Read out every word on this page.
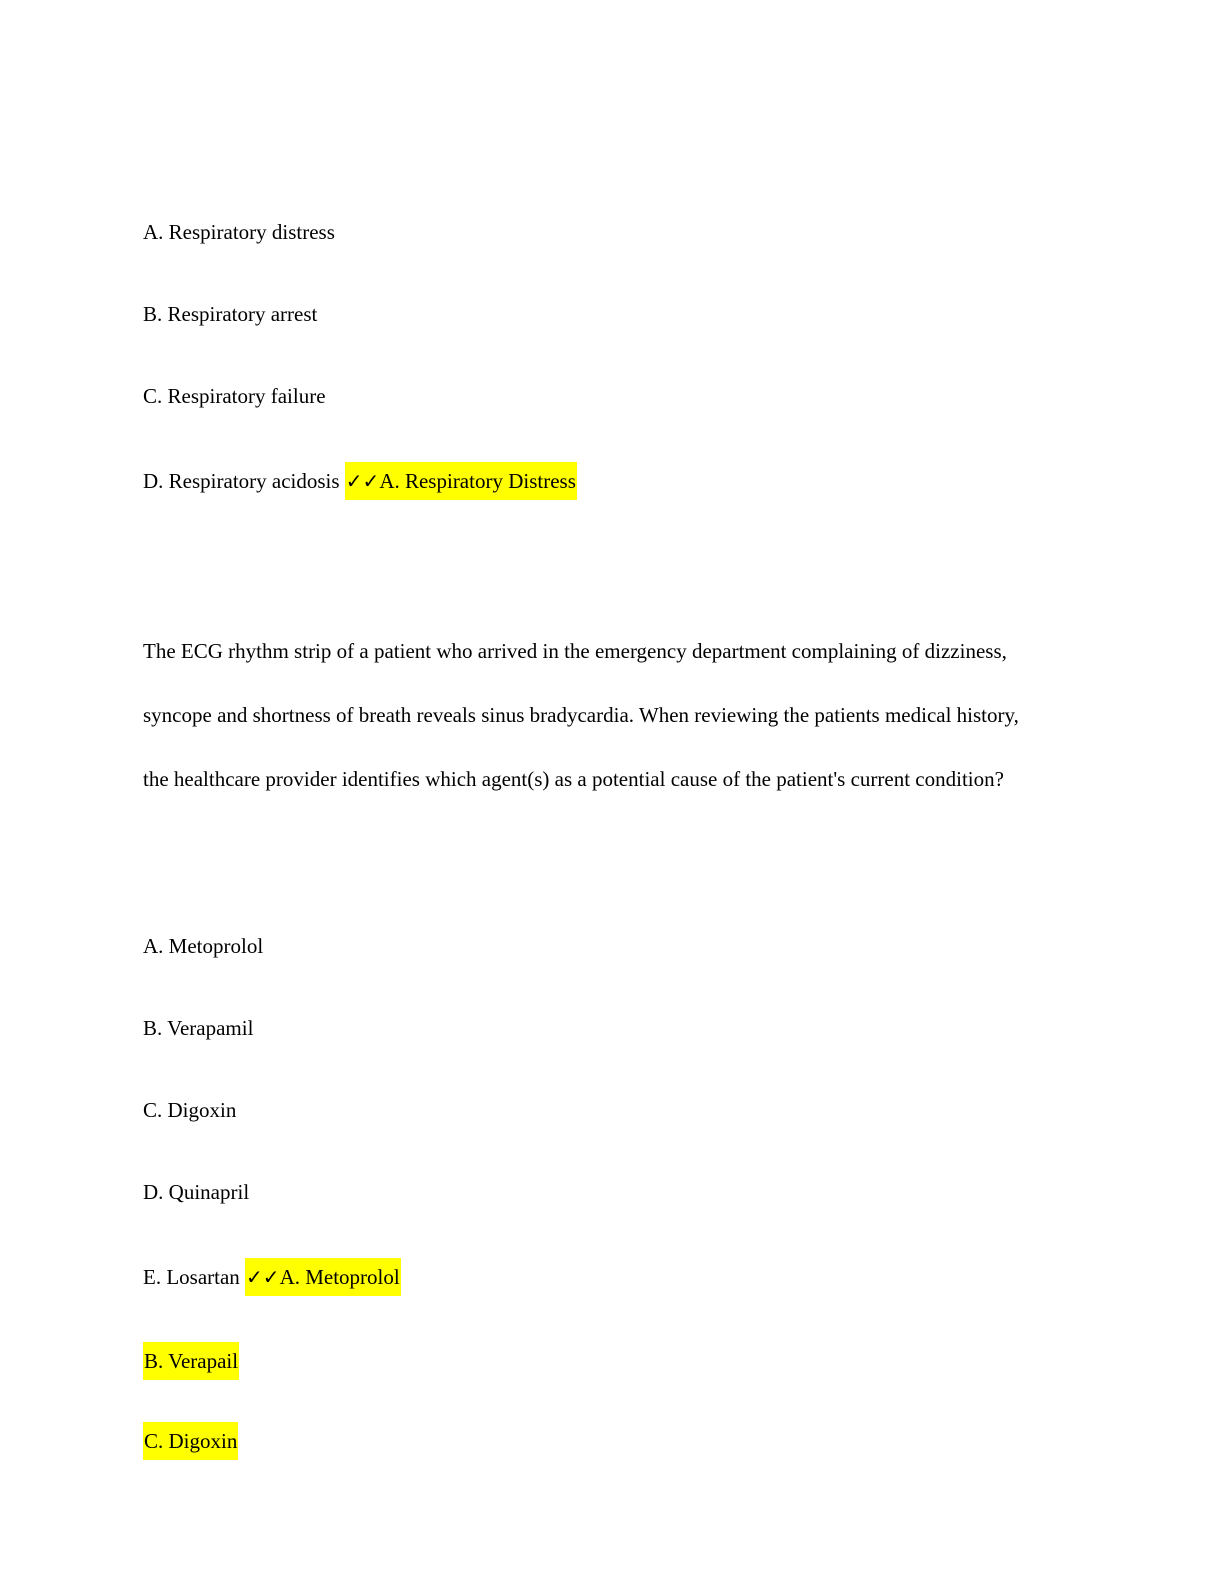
A. Respiratory distress
B. Respiratory arrest
C. Respiratory failure
D. Respiratory acidosis ✓✓A. Respiratory Distress
The ECG rhythm strip of a patient who arrived in the emergency department complaining of dizziness,
syncope and shortness of breath reveals sinus bradycardia. When reviewing the patients medical history,
the healthcare provider identifies which agent(s) as a potential cause of the patient's current condition?
A. Metoprolol
B. Verapamil
C. Digoxin
D. Quinapril
E. Losartan ✓✓A. Metoprolol
B. Verapail
C. Digoxin
